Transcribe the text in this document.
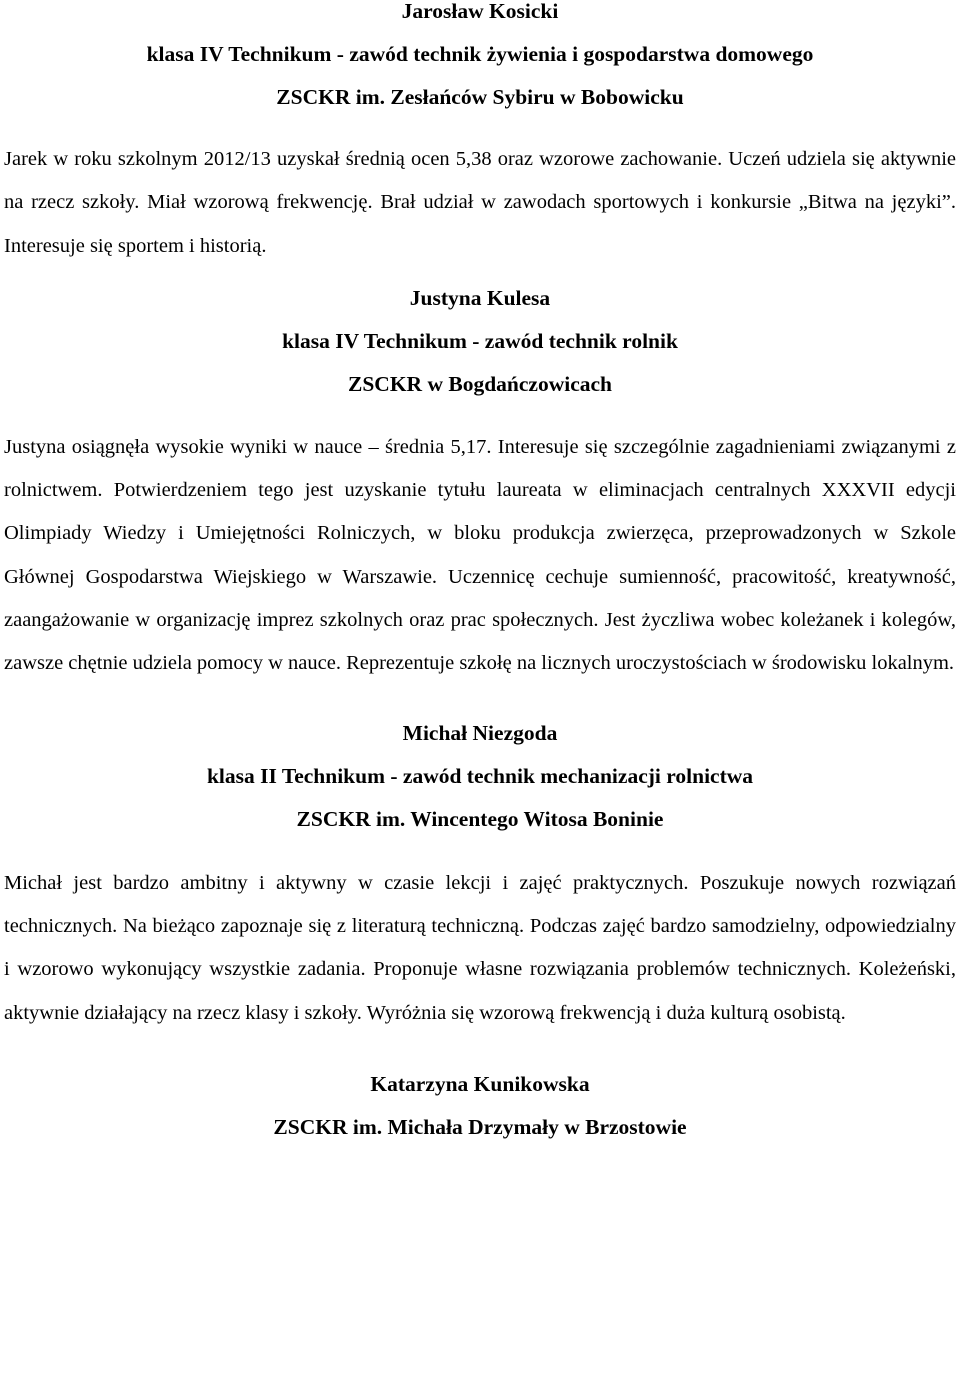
Jarosław Kosicki

klasa IV Technikum - zawód technik żywienia i gospodarstwa domowego

ZSCKR im. Zesłańców Sybiru w Bobowicku

Jarek w roku szkolnym 2012/13 uzyskał średnią ocen 5,38 oraz wzorowe zachowanie. Uczeń udziela się aktywnie na rzecz szkoły. Miał wzorową frekwencję. Brał udział w zawodach sportowych i konkursie „Bitwa na języki”. Interesuje się sportem i historią.

Justyna Kulesa

klasa IV Technikum - zawód technik rolnik

ZSCKR w Bogdańczowicach

Justyna osiągnęła wysokie wyniki w nauce – średnia 5,17. Interesuje się szczególnie zagadnieniami związanymi z rolnictwem. Potwierdzeniem tego jest uzyskanie tytułu laureata w eliminacjach centralnych XXXVII edycji Olimpiady Wiedzy i Umiejętności Rolniczych, w bloku produkcja zwierzęca, przeprowadzonych w Szkole Głównej Gospodarstwa Wiejskiego w Warszawie. Uczennicę cechuje sumienność, pracowitość, kreatywność, zaangażowanie w organizację imprez szkolnych oraz prac społecznych. Jest życzliwa wobec koleżanek i kolegów, zawsze chętnie udziela pomocy w nauce. Reprezentuje szkołę na licznych uroczystościach w środowisku lokalnym.

Michał Niezgoda

klasa II Technikum - zawód technik mechanizacji rolnictwa

ZSCKR im. Wincentego Witosa Boninie

Michał jest bardzo ambitny i aktywny w czasie lekcji i zajęć praktycznych. Poszukuje nowych rozwiązań technicznych. Na bieżąco zapoznaje się z literaturą techniczną. Podczas zajęć bardzo samodzielny, odpowiedzialny i wzorowo wykonujący wszystkie zadania. Proponuje własne rozwiązania problemów technicznych. Koleżeński, aktywnie działający na rzecz klasy i szkoły. Wyróżnia się wzorową frekwencją i duża kulturą osobistą.

Katarzyna Kunikowska

ZSCKR im. Michała Drzymały w Brzostowie
